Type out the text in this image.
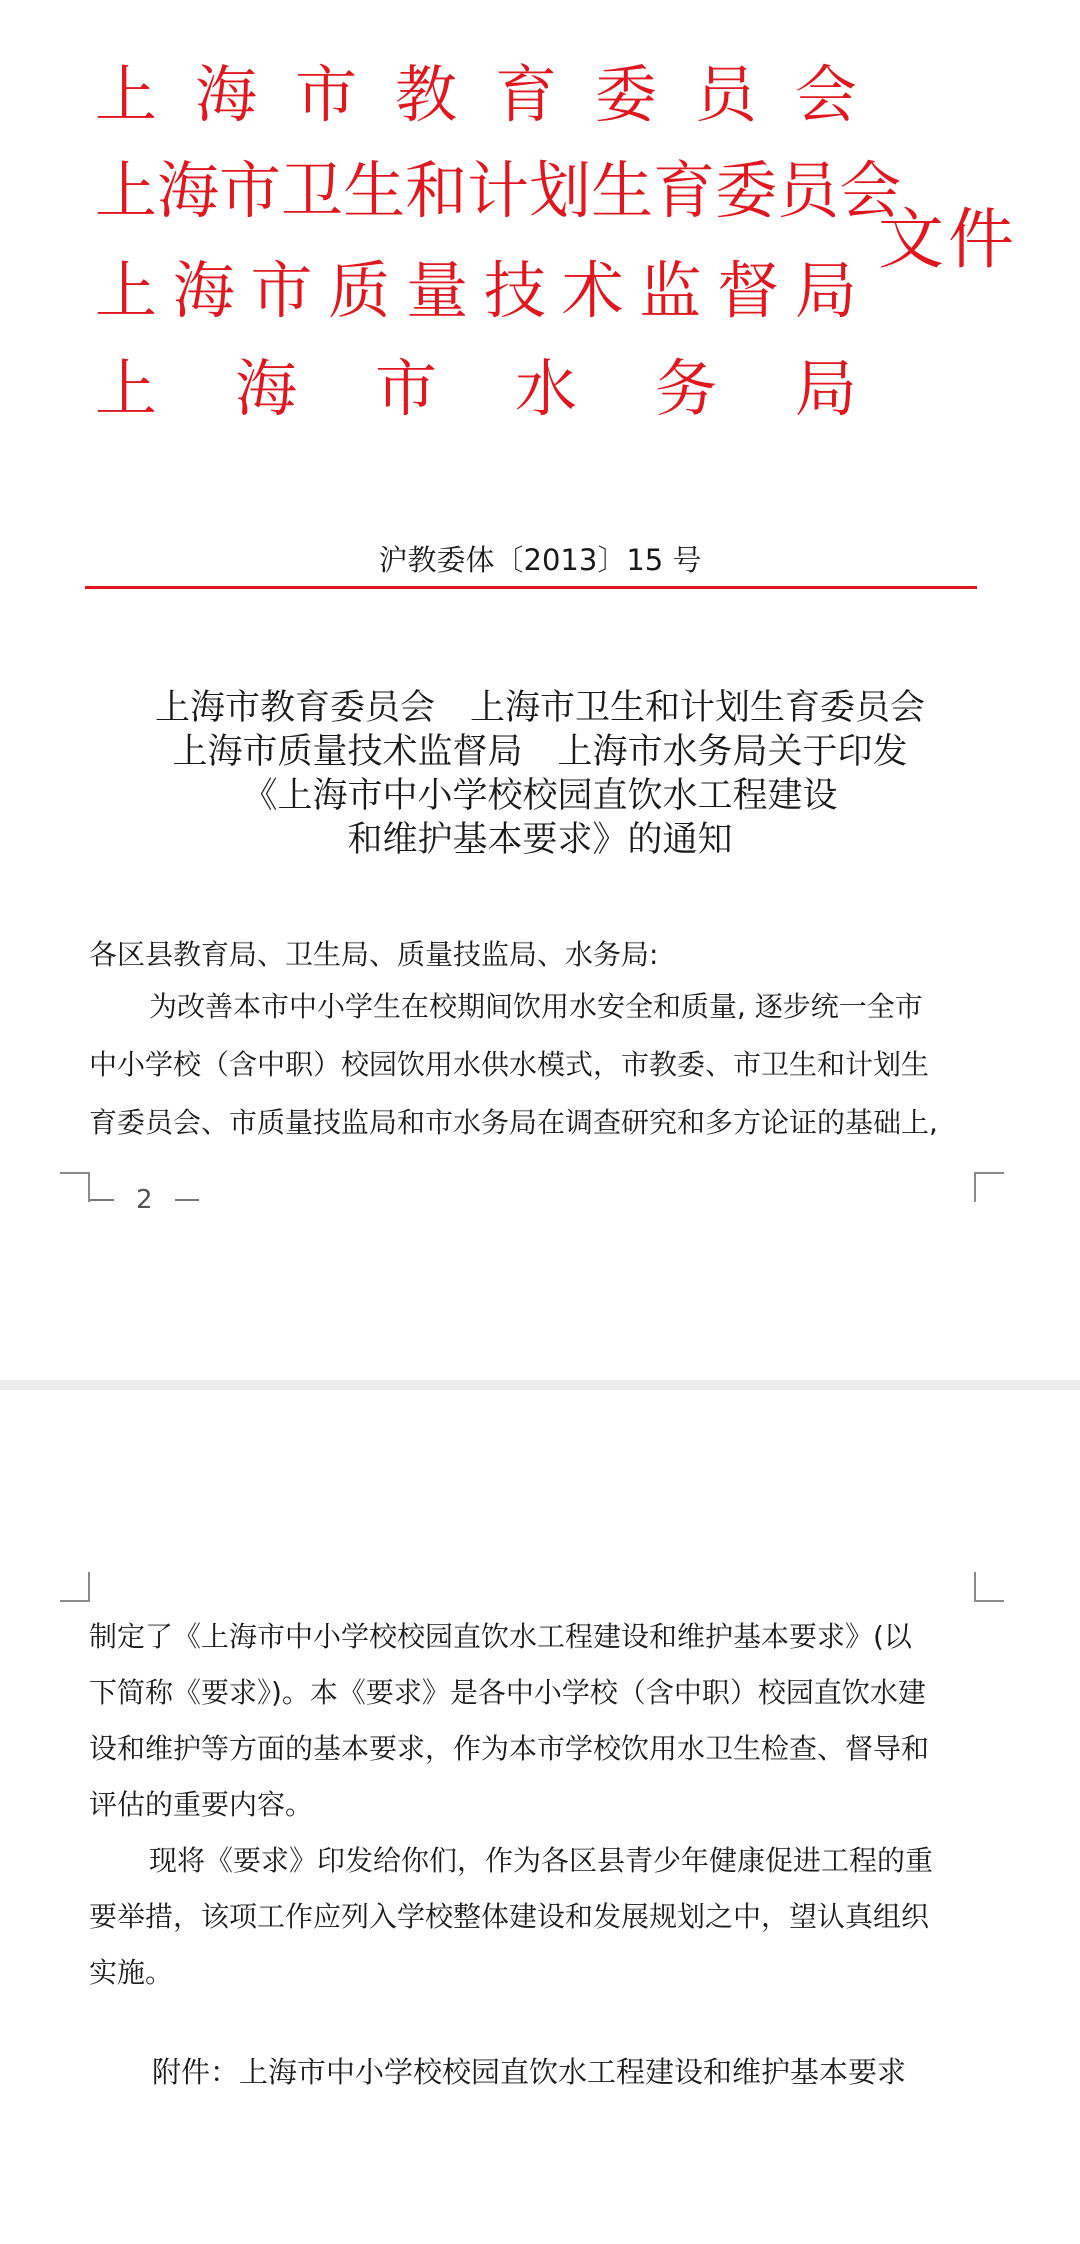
上 海 市 教 育 委 员 会
上 海 市 卫 生 和 计 划 生 育 委 员 会
上 海 市 质 量 技 术 监 督 局
上 海 市 水 务 局
文件
沪教委体〔2013〕15 号
上海市教育委员会　上海市卫生和计划生育委员会
上海市质量技术监督局　上海市水务局关于印发
《上海市中小学校校园直饮水工程建设
和维护基本要求》的通知
各区县教育局、卫生局、质量技监局、水务局:
为改善本市中小学生在校期间饮用水安全和质量, 逐步统一全市
中小学校（含中职）校园饮用水供水模式，市教委、市卫生和计划生
育委员会、市质量技监局和市水务局在调查研究和多方论证的基础上,
2
制定了《上海市中小学校校园直饮水工程建设和维护基本要求》(以
下简称《要求》)。本《要求》是各中小学校（含中职）校园直饮水建
设和维护等方面的基本要求，作为本市学校饮用水卫生检查、督导和
评估的重要内容。
现将《要求》印发给你们，作为各区县青少年健康促进工程的重
要举措，该项工作应列入学校整体建设和发展规划之中，望认真组织
实施。
附件：上海市中小学校校园直饮水工程建设和维护基本要求
